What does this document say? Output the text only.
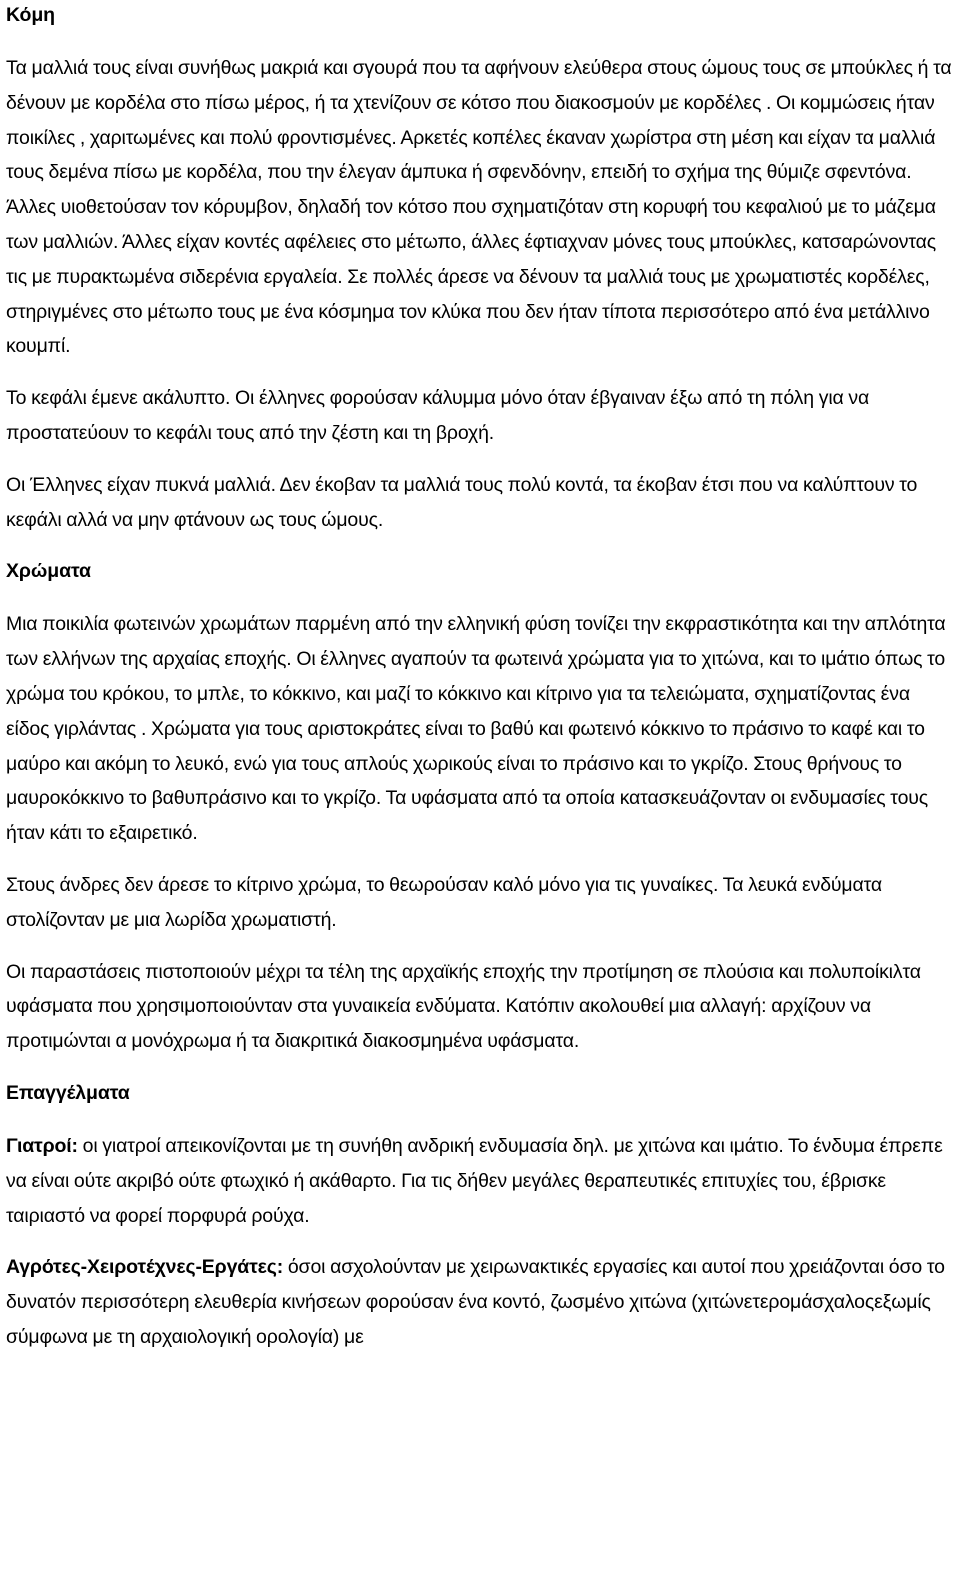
Κόμη

Τα μαλλιά τους είναι συνήθως μακριά και σγουρά που τα αφήνουν ελεύθερα στους ώμους τους σε μπούκλες ή τα δένουν με κορδέλα στο πίσω μέρος, ή τα χτενίζουν σε κότσο που διακοσμούν με κορδέλες . Οι κομμώσεις ήταν ποικίλες , χαριτωμένες και πολύ φροντισμένες. Αρκετές κοπέλες έκαναν χωρίστρα στη μέση και είχαν τα μαλλιά τους δεμένα πίσω με κορδέλα, που την έλεγαν άμπυκα ή σφενδόνην, επειδή το σχήμα της θύμιζε σφεντόνα. Άλλες υιοθετούσαν τον κόρυμβον, δηλαδή τον κότσο που σχηματιζόταν στη κορυφή του κεφαλιού με το μάζεμα των μαλλιών. Άλλες είχαν κοντές αφέλειες στο μέτωπο, άλλες έφτιαχναν μόνες τους μπούκλες, κατσαρώνοντας τις με πυρακτωμένα σιδερένια εργαλεία. Σε πολλές άρεσε να δένουν τα μαλλιά τους με χρωματιστές κορδέλες, στηριγμένες στο μέτωπο τους με ένα κόσμημα τον κλύκα που δεν ήταν τίποτα περισσότερο από ένα μετάλλινο κουμπί.

Το κεφάλι έμενε ακάλυπτο. Οι έλληνες φορούσαν κάλυμμα μόνο όταν έβγαιναν έξω από τη πόλη για να προστατεύουν το κεφάλι τους από την ζέστη και τη βροχή.

Οι Έλληνες είχαν πυκνά μαλλιά. Δεν έκοβαν τα μαλλιά τους πολύ κοντά, τα έκοβαν έτσι που να καλύπτουν το κεφάλι αλλά να μην φτάνουν ως τους ώμους.

Χρώματα

Μια ποικιλία φωτεινών χρωμάτων παρμένη από την ελληνική φύση τονίζει την εκφραστικότητα και την απλότητα των ελλήνων της αρχαίας εποχής. Οι έλληνες αγαπούν τα φωτεινά χρώματα για το χιτώνα, και το ιμάτιο όπως το χρώμα του κρόκου, το μπλε, το κόκκινο, και μαζί το κόκκινο και κίτρινο για τα τελειώματα, σχηματίζοντας ένα είδος γιρλάντας . Χρώματα για τους αριστοκράτες είναι το βαθύ και φωτεινό κόκκινο το πράσινο το καφέ και το μαύρο και ακόμη το λευκό, ενώ για τους απλούς χωρικούς είναι το πράσινο και το γκρίζο. Στους θρήνους το μαυροκόκκινο το βαθυπράσινο και το γκρίζο. Τα υφάσματα από τα οποία κατασκευάζονταν οι ενδυμασίες τους ήταν κάτι το εξαιρετικό.

Στους άνδρες δεν άρεσε το κίτρινο χρώμα, το θεωρούσαν καλό μόνο για τις γυναίκες. Τα λευκά ενδύματα στολίζονταν με μια λωρίδα χρωματιστή.

Οι παραστάσεις πιστοποιούν μέχρι τα τέλη της αρχαϊκής εποχής την προτίμηση σε πλούσια και πολυποίκιλτα υφάσματα που χρησιμοποιούνταν στα γυναικεία ενδύματα. Κατόπιν ακολουθεί μια αλλαγή: αρχίζουν να προτιμώνται α μονόχρωμα ή τα διακριτικά διακοσμημένα υφάσματα.

Επαγγέλματα

Γιατροί: οι γιατροί απεικονίζονται με τη συνήθη ανδρική ενδυμασία δηλ. με χιτώνα και ιμάτιο. Το ένδυμα έπρεπε να είναι ούτε ακριβό ούτε φτωχικό ή ακάθαρτο. Για τις δήθεν μεγάλες θεραπευτικές επιτυχίες του, έβρισκε ταιριαστό να φορεί πορφυρά ρούχα.

Αγρότες-Χειροτέχνες-Εργάτες: όσοι ασχολούνταν με χειρωνακτικές εργασίες και αυτοί που χρειάζονται όσο το δυνατόν περισσότερη ελευθερία κινήσεων φορούσαν ένα κοντό, ζωσμένο χιτώνα (χιτώνετερομάσχαλοςεξωμίς σύμφωνα με τη αρχαιολογική ορολογία) με
